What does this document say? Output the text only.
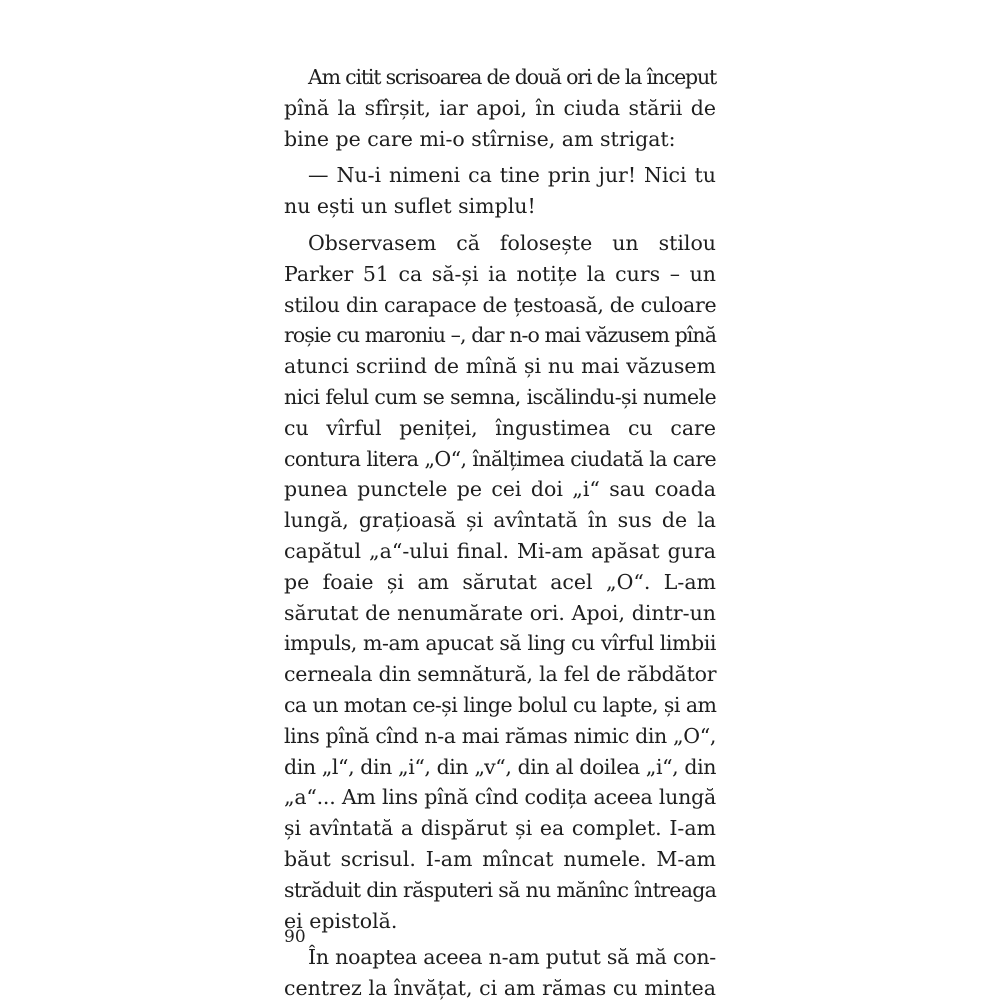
Am citit scrisoarea de două ori de la început
pînă la sfîrșit, iar apoi, în ciuda stării de
bine pe care mi-o stîrnise, am strigat:
— Nu-i nimeni ca tine prin jur! Nici tu
nu ești un suflet simplu!
Observasem că folosește un stilou
Parker 51 ca să-și ia notițe la curs – un
stilou din carapace de țestoasă, de culoare
roșie cu maroniu –, dar n-o mai văzusem pînă
atunci scriind de mînă și nu mai văzusem
nici felul cum se semna, iscălindu-și numele
cu vîrful peniței, îngustimea cu care
contura litera „O“, înălțimea ciudată la care
punea punctele pe cei doi „i“ sau coada
lungă, grațioasă și avîntată în sus de la
capătul „a“-ului final. Mi-am apăsat gura
pe foaie și am sărutat acel „O“. L-am
sărutat de nenumărate ori. Apoi, dintr-un
impuls, m-am apucat să ling cu vîrful limbii
cerneala din semnătură, la fel de răbdător
ca un motan ce-și linge bolul cu lapte, și am
lins pînă cînd n-a mai rămas nimic din „O“,
din „l“, din „i“, din „v“, din al doilea „i“, din
„a“... Am lins pînă cînd codița aceea lungă
și avîntată a dispărut și ea complet. I-am
băut scrisul. I-am mîncat numele. M-am
străduit din răsputeri să nu mănînc întreaga
ei epistolă.
În noaptea aceea n-am putut să mă con-
centrez la învățat, ci am rămas cu mintea
90
